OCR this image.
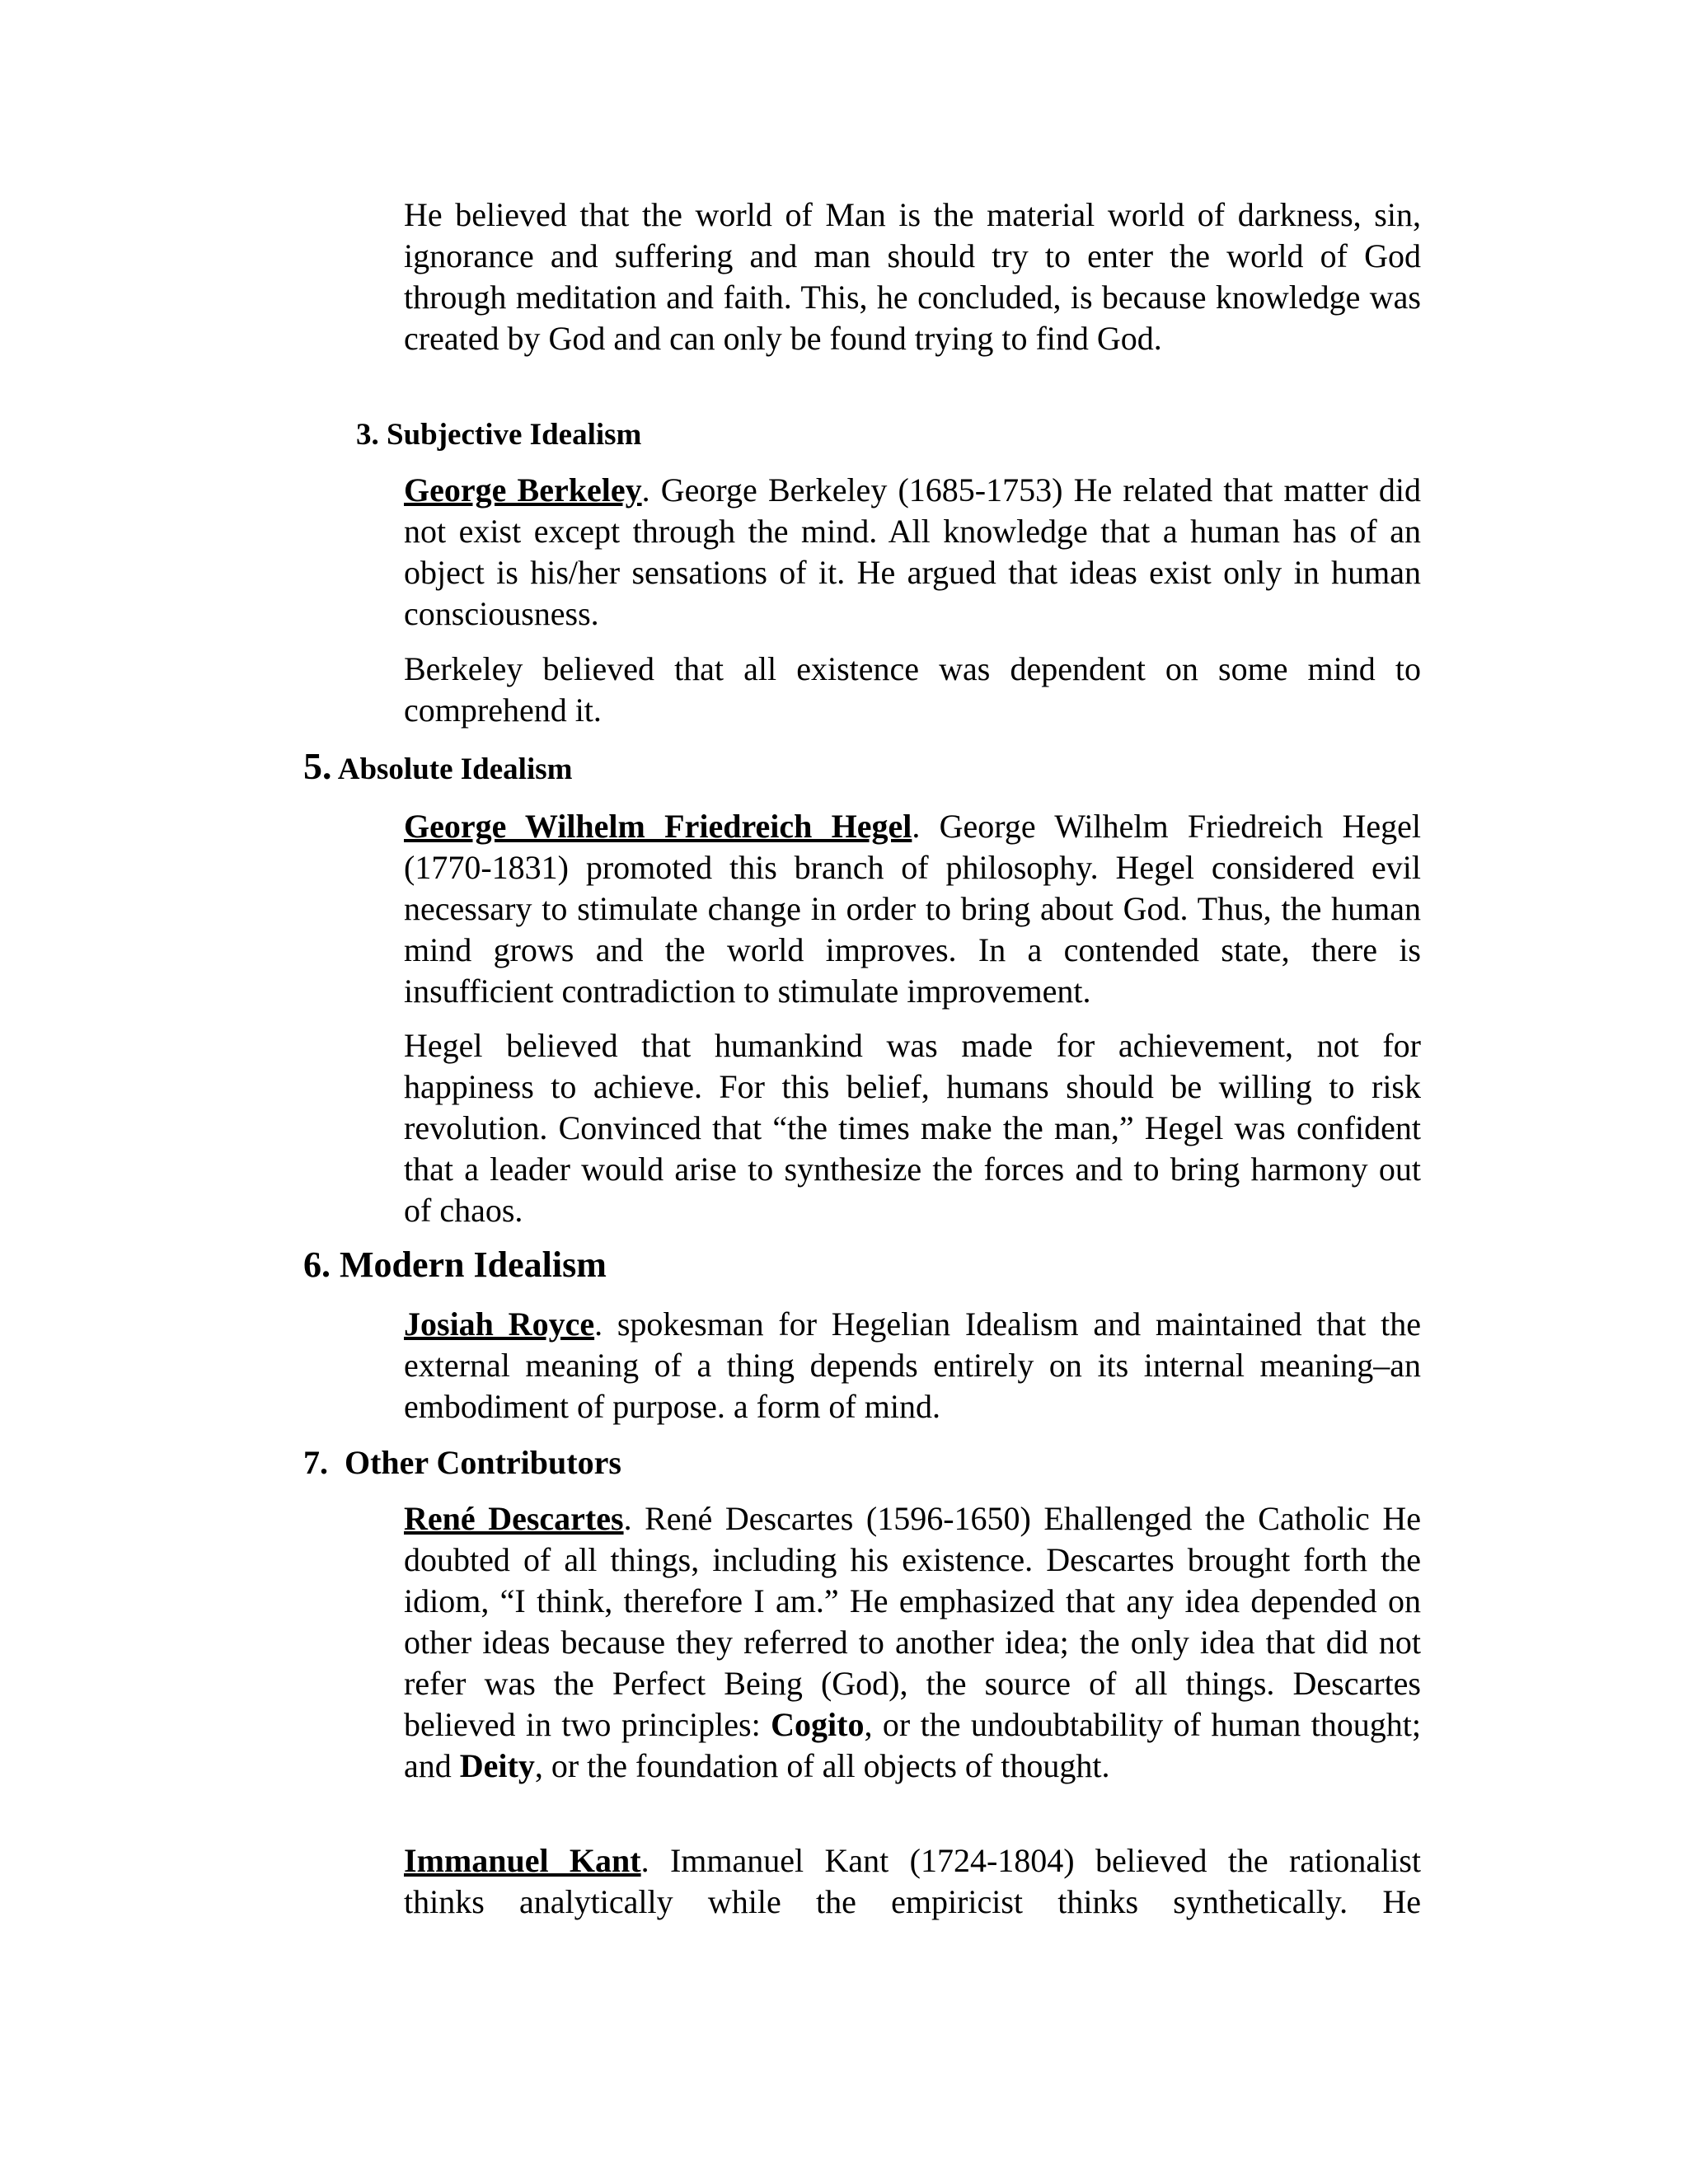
He believed that the world of Man is the material world of darkness, sin, ignorance and suffering and man should try to enter the world of God through meditation and faith. This, he concluded, is because knowledge was created by God and can only be found trying to find God.

3. Subjective Idealism

George Berkeley. George Berkeley (1685-1753) He related that matter did not exist except through the mind. All knowledge that a human has of an object is his/her sensations of it. He argued that ideas exist only in human consciousness.

Berkeley believed that all existence was dependent on some mind to comprehend it.

5. Absolute Idealism

George Wilhelm Friedreich Hegel. George Wilhelm Friedreich Hegel (1770-1831) promoted this branch of philosophy. Hegel considered evil necessary to stimulate change in order to bring about God. Thus, the human mind grows and the world improves. In a contended state, there is insufficient contradiction to stimulate improvement.

Hegel believed that humankind was made for achievement, not for happiness to achieve. For this belief, humans should be willing to risk revolution. Convinced that “the times make the man,” Hegel was confident that a leader would arise to synthesize the forces and to bring harmony out of chaos.

6. Modern Idealism

Josiah Royce. spokesman for Hegelian Idealism and maintained that the external meaning of a thing depends entirely on its internal meaning–an embodiment of purpose. a form of mind.

7. Other Contributors

René Descartes. René Descartes (1596-1650) Ehallenged the Catholic He doubted of all things, including his existence. Descartes brought forth the idiom, “I think, therefore I am.” He emphasized that any idea depended on other ideas because they referred to another idea; the only idea that did not refer was the Perfect Being (God), the source of all things. Descartes believed in two principles: Cogito, or the undoubtability of human thought; and Deity, or the foundation of all objects of thought.

Immanuel Kant. Immanuel Kant (1724-1804) believed the rationalist thinks analytically while the empiricist thinks synthetically. He
